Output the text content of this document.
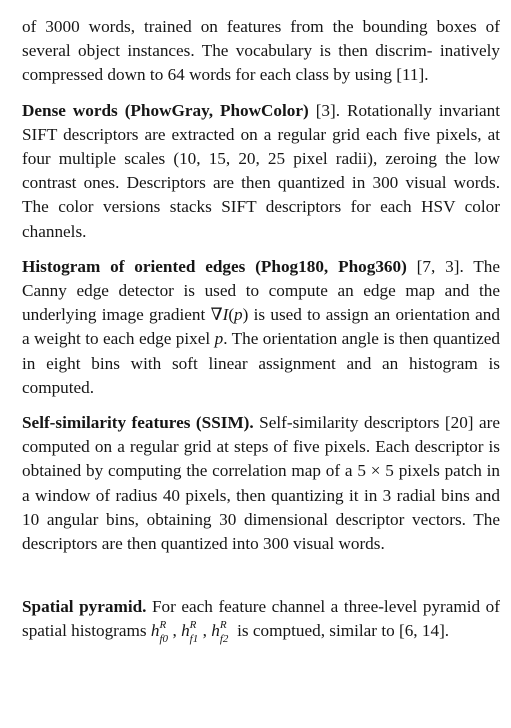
of 3000 words, trained on features from the bounding boxes of several object instances. The vocabulary is then discrim- inatively compressed down to 64 words for each class by using [11].

Dense words (PhowGray, PhowColor) [3]. Rotationally invariant SIFT descriptors are extracted on a regular grid each five pixels, at four multiple scales (10, 15, 20, 25 pixel radii), zeroing the low contrast ones. Descriptors are then quantized in 300 visual words. The color versions stacks SIFT descriptors for each HSV color channels.

Histogram of oriented edges (Phog180, Phog360) [7, 3]. The Canny edge detector is used to compute an edge map and the underlying image gradient ∇I(p) is used to assign an orientation and a weight to each edge pixel p. The orientation angle is then quantized in eight bins with soft linear assignment and an histogram is computed.

Self-similarity features (SSIM). Self-similarity descriptors [20] are computed on a regular grid at steps of five pixels. Each descriptor is obtained by computing the correlation map of a 5 × 5 pixels patch in a window of radius 40 pixels, then quantizing it in 3 radial bins and 10 angular bins, obtaining 30 dimensional descriptor vectors. The descriptors are then quantized into 300 visual words.

Spatial pyramid. For each feature channel a three-level pyramid of spatial histograms h R
f0 , h R
f1 , h R
f2 is comptued, similar to [6, 14].
